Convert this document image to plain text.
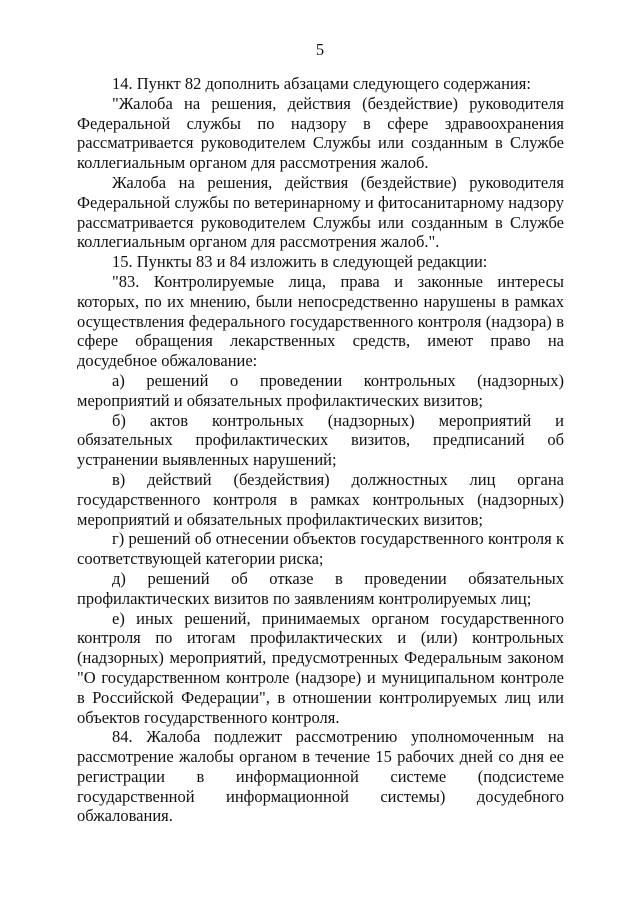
5

14. Пункт 82 дополнить абзацами следующего содержания:

"Жалоба на решения, действия (бездействие) руководителя Федеральной службы по надзору в сфере здравоохранения рассматривается руководителем Службы или созданным в Службе коллегиальным органом для рассмотрения жалоб.

Жалоба на решения, действия (бездействие) руководителя Федеральной службы по ветеринарному и фитосанитарному надзору рассматривается руководителем Службы или созданным в Службе коллегиальным органом для рассмотрения жалоб.".

15. Пункты 83 и 84 изложить в следующей редакции:

"83. Контролируемые лица, права и законные интересы которых, по их мнению, были непосредственно нарушены в рамках осуществления федерального государственного контроля (надзора) в сфере обращения лекарственных средств, имеют право на досудебное обжалование:

а) решений о проведении контрольных (надзорных) мероприятий и обязательных профилактических визитов;

б) актов контрольных (надзорных) мероприятий и обязательных профилактических визитов, предписаний об устранении выявленных нарушений;

в) действий (бездействия) должностных лиц органа государственного контроля в рамках контрольных (надзорных) мероприятий и обязательных профилактических визитов;

г) решений об отнесении объектов государственного контроля к соответствующей категории риска;

д) решений об отказе в проведении обязательных профилактических визитов по заявлениям контролируемых лиц;

е) иных решений, принимаемых органом государственного контроля по итогам профилактических и (или) контрольных (надзорных) мероприятий, предусмотренных Федеральным законом "О государственном контроле (надзоре) и муниципальном контроле в Российской Федерации", в отношении контролируемых лиц или объектов государственного контроля.

84. Жалоба подлежит рассмотрению уполномоченным на рассмотрение жалобы органом в течение 15 рабочих дней со дня ее регистрации в информационной системе (подсистеме государственной информационной системы) досудебного обжалования.
